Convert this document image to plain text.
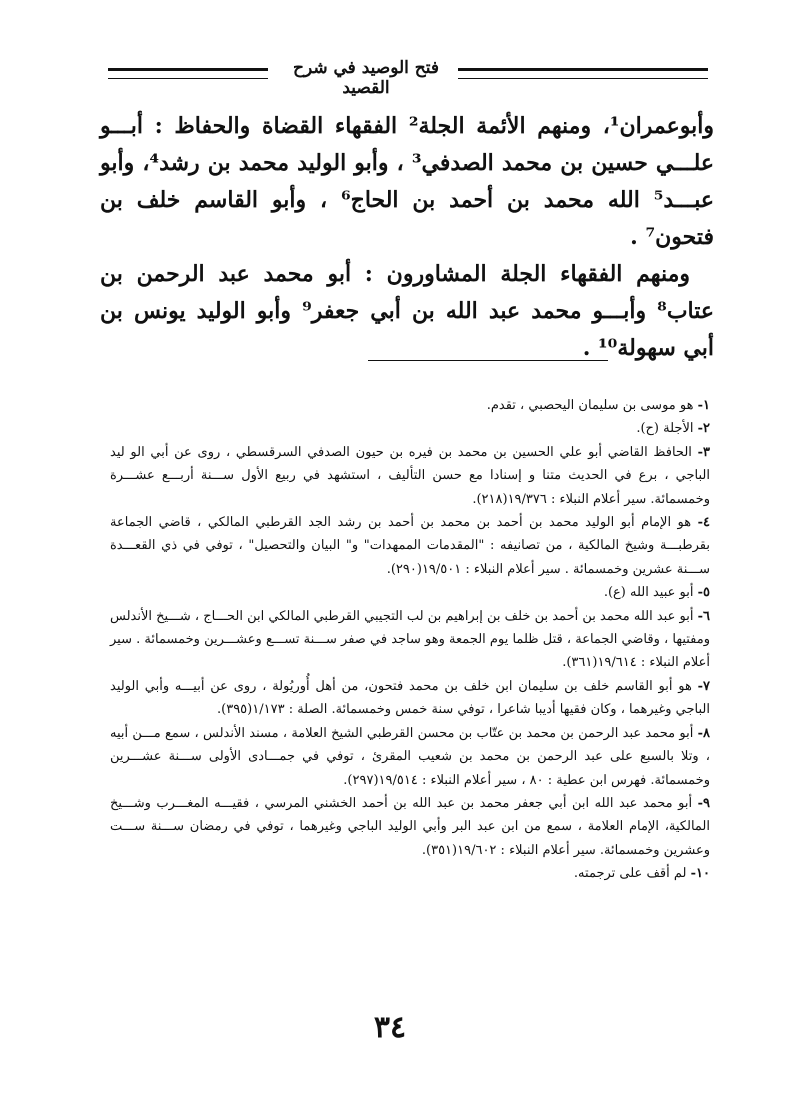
فتح الوصيد في شرح القصيد

وأبوعمران¹، ومنهم الأئمة الجلة² الفقهاء القضاة والحفاظ : أبـــو علـــي حسين بن محمد الصدفي³ ، وأبو الوليد محمد بن رشد⁴، وأبو عبـــد⁵ الله محمد بن أحمد بن الحاج⁶ ، وأبو القاسم خلف بن فتحون⁷ .

ومنهم الفقهاء الجلة المشاورون : أبو محمد عبد الرحمن بن عتاب⁸ وأبـــو محمد عبد الله بن أبي جعفر⁹ وأبو الوليد يونس بن أبي سهولة¹⁰ .

١- هو موسى بن سليمان اليحصبي ، تقدم.

٢- الأجلة (ح).

٣- الحافظ القاضي أبو علي الحسين بن محمد بن فيره بن حيون الصدفي السرقسطي ، روى عن أبي الو ليد الباجي ، برع في الحديث متنا و إسنادا مع حسن التأليف ، استشهد في ربيع الأول ســـنة أربـــع عشـــرة وخمسمائة. سير أعلام النبلاء : ١٩/٣٧٦(٢١٨).

٤- هو الإمام أبو الوليد محمد بن أحمد بن محمد بن أحمد بن رشد الجد القرطبي المالكي ، قاضي الجماعة بقرطبـــة وشيخ المالكية ، من تصانيفه : "المقدمات الممهدات" و" البيان والتحصيل" ، توفي في ذي القعـــدة ســـنة عشرين وخمسمائة . سير أعلام النبلاء : ١٩/٥٠١(٢٩٠).

٥- أبو عبيد الله (ع).

٦- أبو عبد الله محمد بن أحمد بن خلف بن إبراهيم بن لب التجيبي القرطبي المالكي ابن الحـــاج ، شـــيخ الأندلس ومفتيها ، وقاضي الجماعة ، قتل ظلما يوم الجمعة وهو ساجد في صفر ســـنة تســـع وعشـــرين وخمسمائة . سير أعلام النبلاء : ١٩/٦١٤(٣٦١).

٧- هو أبو القاسم خلف بن سليمان ابن خلف بن محمد فتحون، من أهل أُوريُولة ، روى عن أبيـــه وأبي الوليد الباجي وغيرهما ، وكان فقيها أديبا شاعرا ، توفي سنة خمس وخمسمائة. الصلة : ١/١٧٣(٣٩٥).

٨- أبو محمد عبد الرحمن بن محمد بن عتّاب بن محسن القرطبي الشيخ العلامة ، مسند الأندلس ، سمع مـــن أبيه ، وتلا بالسبع على عبد الرحمن بن محمد بن شعيب المقرئ ، توفي في جمـــادى الأولى ســـنة عشـــرين وخمسمائة. فهرس ابن عطية : ٨٠ ، سير أعلام النبلاء : ١٩/٥١٤(٢٩٧).

٩- أبو محمد عبد الله ابن أبي جعفر محمد بن عبد الله بن أحمد الخشني المرسي ، فقيـــه المغـــرب وشـــيخ المالكية، الإمام العلامة ، سمع من ابن عبد البر وأبي الوليد الباجي وغيرهما ، توفي في رمضان ســـنة ســـت وعشرين وخمسمائة. سير أعلام النبلاء : ١٩/٦٠٢(٣٥١).

١٠- لم أقف على ترجمته.

٣٤
